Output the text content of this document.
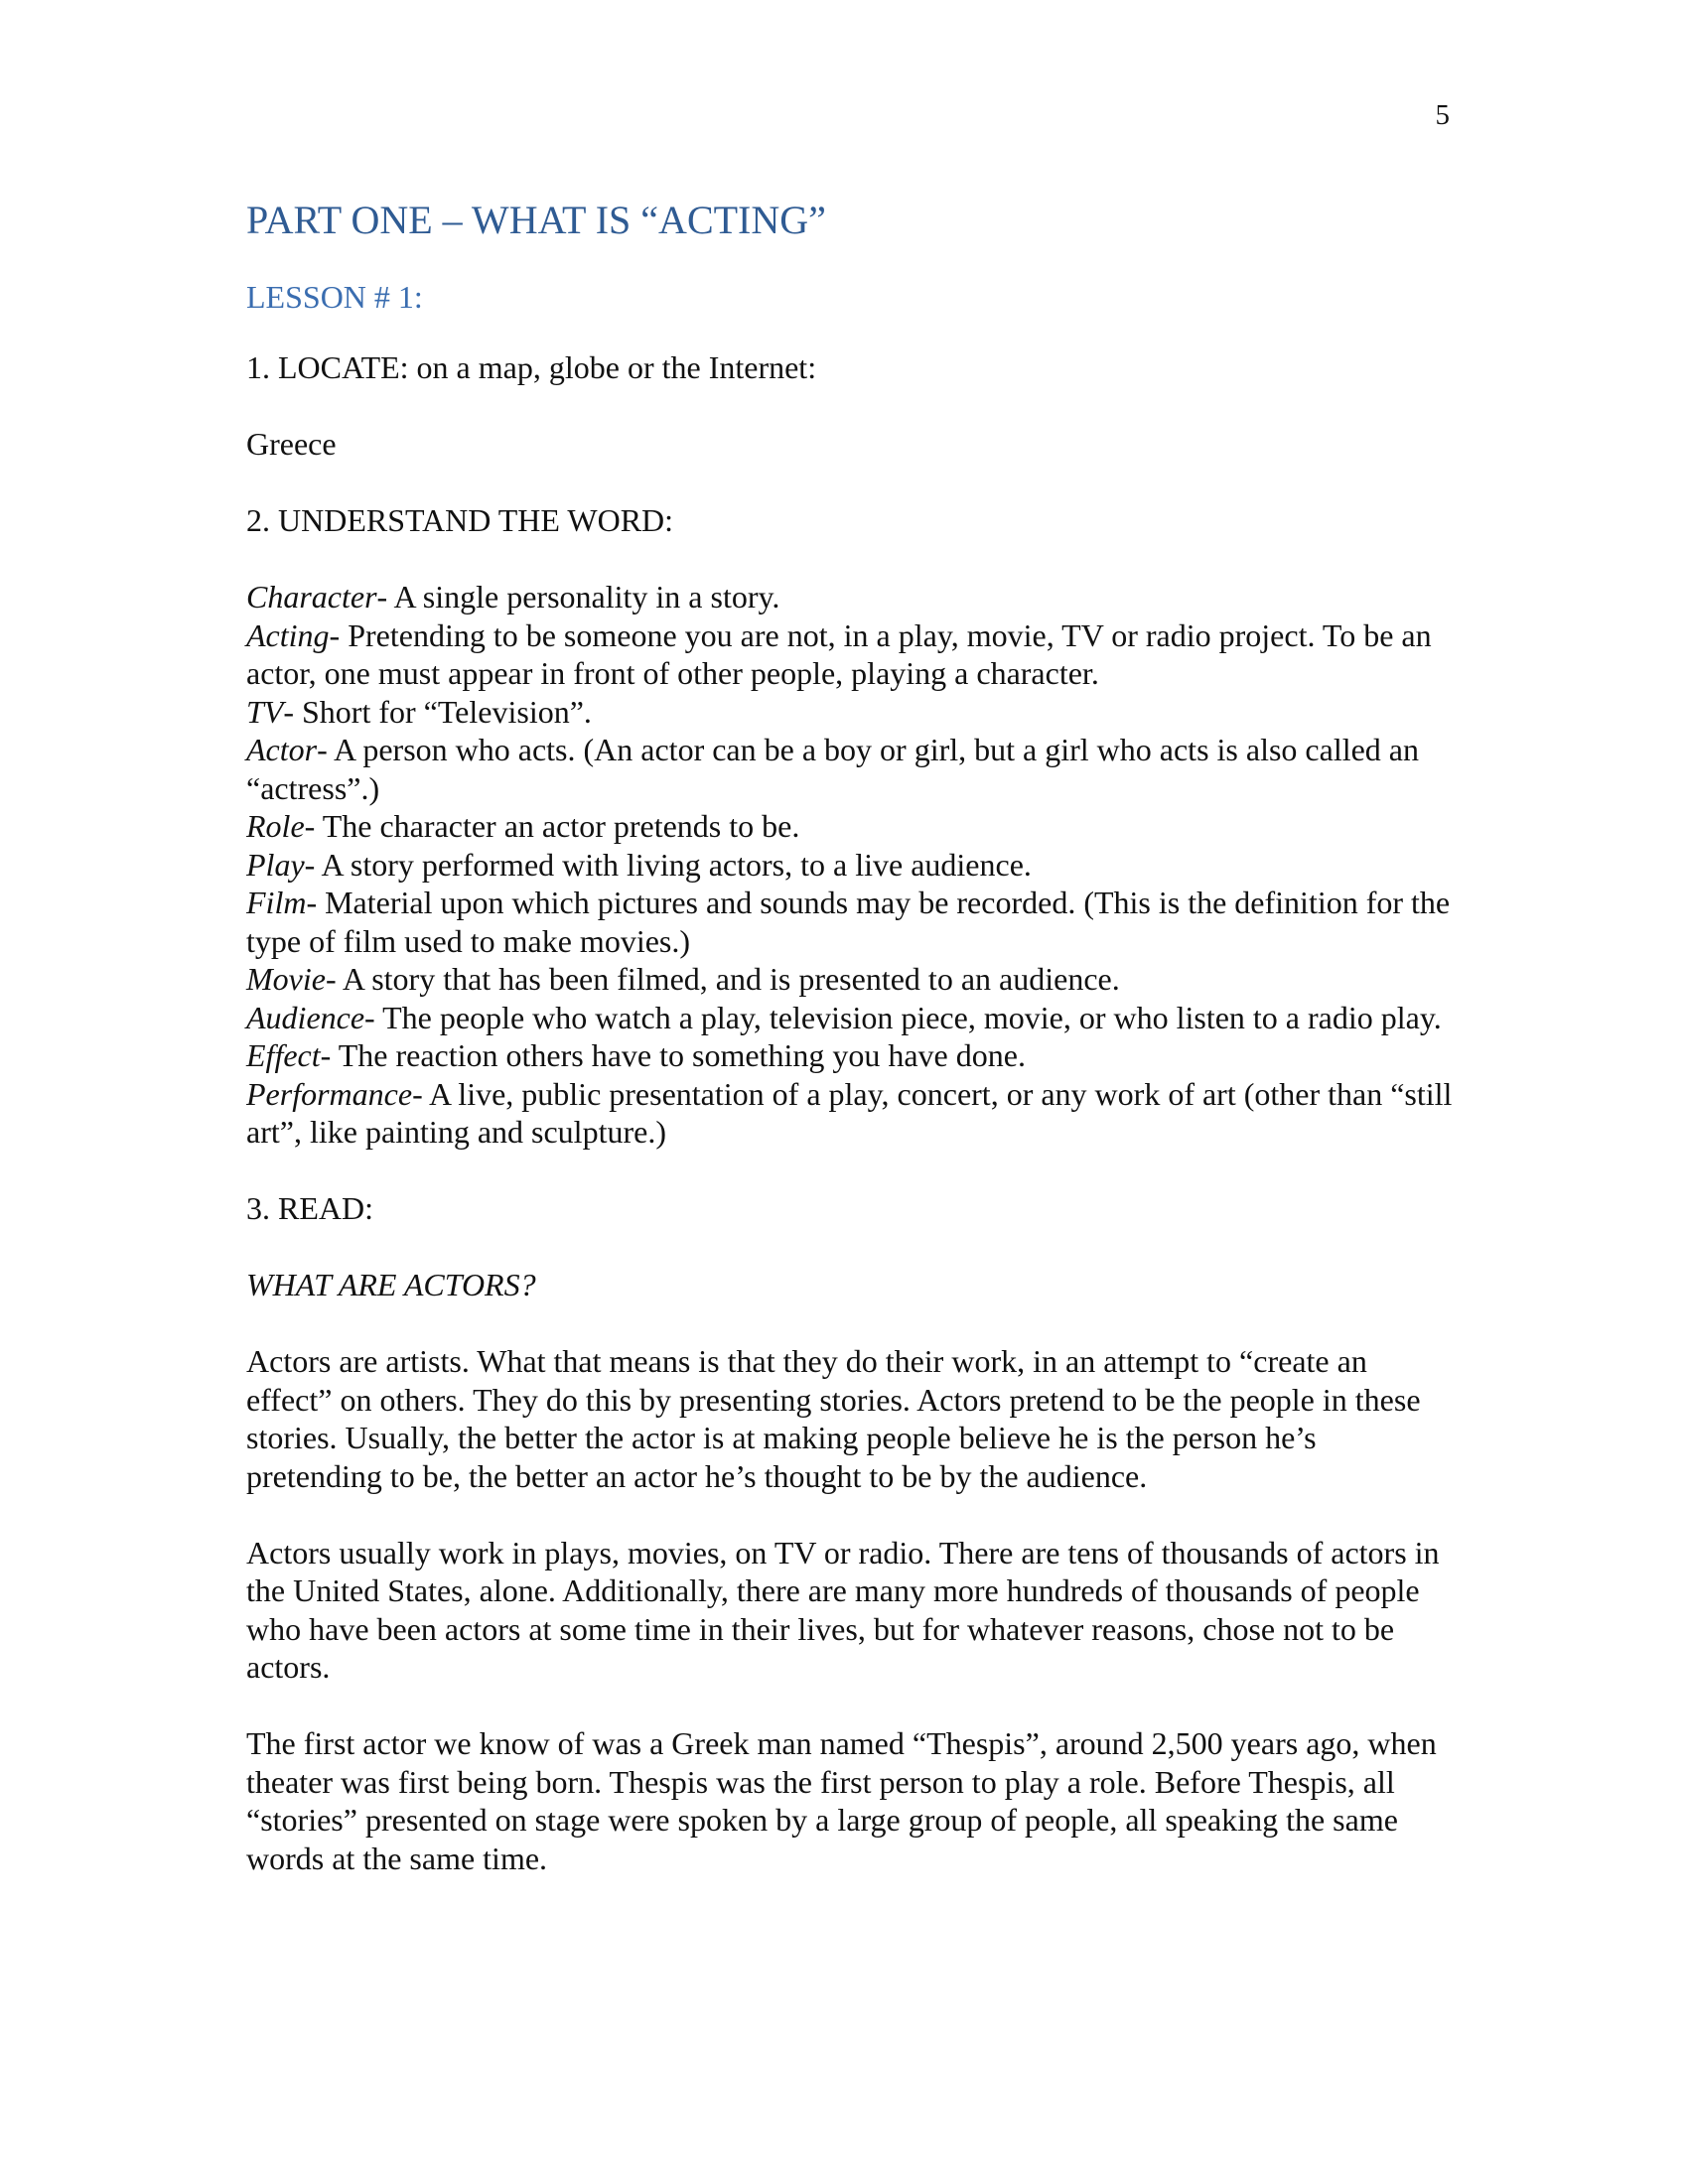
5
PART ONE – WHAT IS “ACTING”
LESSON # 1:

1. LOCATE: on a map, globe or the Internet:

Greece

2. UNDERSTAND THE WORD:

Character- A single personality in a story.

Acting- Pretending to be someone you are not, in a play, movie, TV or radio project. To be an actor, one must appear in front of other people, playing a character.

TV- Short for “Television”.

Actor- A person who acts. (An actor can be a boy or girl, but a girl who acts is also called an “actress”.)

Role- The character an actor pretends to be.

Play- A story performed with living actors, to a live audience.

Film- Material upon which pictures and sounds may be recorded. (This is the definition for the type of film used to make movies.)

Movie- A story that has been filmed, and is presented to an audience.

Audience- The people who watch a play, television piece, movie, or who listen to a radio play.

Effect- The reaction others have to something you have done.

Performance- A live, public presentation of a play, concert, or any work of art (other than “still art”, like painting and sculpture.)

3. READ:

WHAT ARE ACTORS?

Actors are artists. What that means is that they do their work, in an attempt to “create an effect” on others. They do this by presenting stories. Actors pretend to be the people in these stories. Usually, the better the actor is at making people believe he is the person he’s pretending to be, the better an actor he’s thought to be by the audience.

Actors usually work in plays, movies, on TV or radio. There are tens of thousands of actors in the United States, alone. Additionally, there are many more hundreds of thousands of people who have been actors at some time in their lives, but for whatever reasons, chose not to be actors.

The first actor we know of was a Greek man named “Thespis”, around 2,500 years ago, when theater was first being born. Thespis was the first person to play a role. Before Thespis, all “stories” presented on stage were spoken by a large group of people, all speaking the same words at the same time.
